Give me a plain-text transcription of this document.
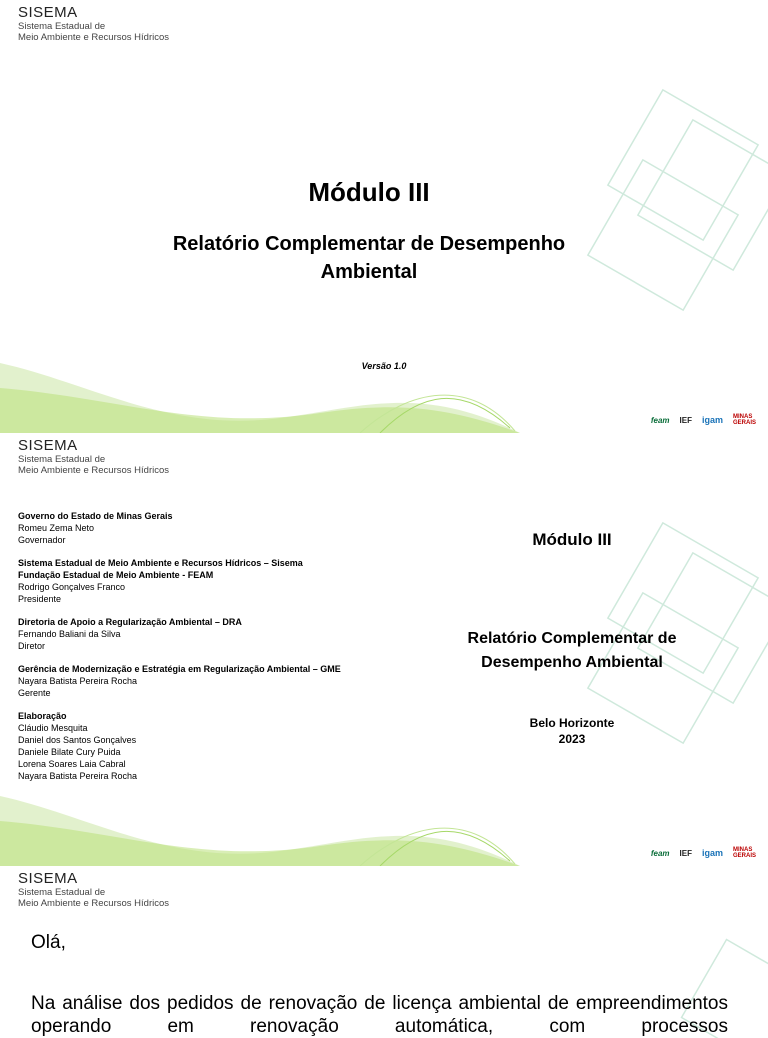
SISEMA
Sistema Estadual de
Meio Ambiente e Recursos Hídricos
feam IEF igam MINAS
GERAIS
Módulo III
Relatório Complementar de Desempenho
Ambiental
Versão 1.0
SISEMA
Sistema Estadual de
Meio Ambiente e Recursos Hídricos
feam IEF igam MINAS
GERAIS
Governo do Estado de Minas Gerais
Romeu Zema Neto
Governador
Sistema Estadual de Meio Ambiente e Recursos Hídricos – Sisema
Fundação Estadual de Meio Ambiente - FEAM
Rodrigo Gonçalves Franco
Presidente
Diretoria de Apoio a Regularização Ambiental – DRA
Fernando Baliani da Silva
Diretor
Gerência de Modernização e Estratégia em Regularização Ambiental – GME
Nayara Batista Pereira Rocha
Gerente
Elaboração
Cláudio Mesquita
Daniel dos Santos Gonçalves
Daniele Bilate Cury Puida
Lorena Soares Laia Cabral
Nayara Batista Pereira Rocha
Módulo III
Relatório Complementar de
Desempenho Ambiental
Belo Horizonte
2023
SISEMA
Sistema Estadual de
Meio Ambiente e Recursos Hídricos
Olá,
Na análise dos pedidos de renovação de licença ambiental de empreendimentos operando em renovação automática, com processos
